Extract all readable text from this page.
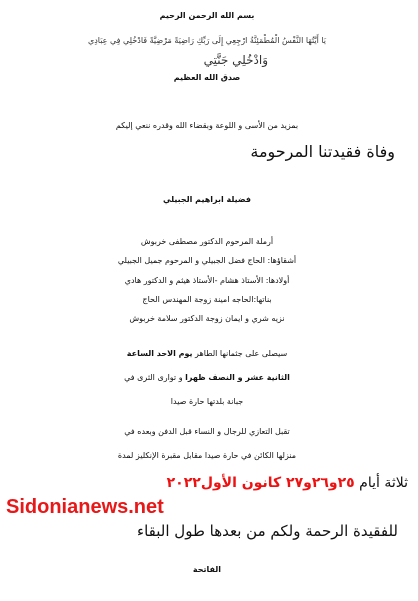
بسم الله الرحمن الرحيم
يَا أَيَّتُهَا النَّفْسُ الْمُطْمَئِنَّةُ ارْجِعِي إِلَى رَبِّكِ رَاضِيَةً مَرْضِيَّةً فَادْخُلِي فِي عِبَادِي
وَادْخُلِي جَنَّتِي
صدق الله العظيم
بمزيد من الأسى و اللوعة وبقضاء الله وقدره ننعي إليكم
وفاة فقيدتنا المرحومة
فضيلة ابراهيم الجبيلي
أرملة المرحوم الدكتور مصطفى خربوش
أشقاؤها: الحاج فضل الجبيلي و المرحوم جميل الجبيلي
أولادها: الأستاذ هشام -الأستاذ هيثم و الدكتور هادي
بناتها:الحاجه امينة زوجة المهندس الحاج
نزيه شري و ايمان زوجة الدكتور سلامة خربوش
سيصلى على جثمانها الطاهر يوم الاحد الساعة
الثانية عشر و النصف ظهرا و توارى الثرى في
جبانة بلدتها حارة صيدا
تقبل التعازي للرجال و النساء قبل الدفن وبعده في
منزلها الكائن في حارة صيدا مقابل مقبرة الإنكليز لمدة
ثلاثة أيام ٢٥و٢٦و٢٧ كانون الأول٢٠٢٢
Sidonianews.net
للفقيدة الرحمة ولكم من بعدها طول البقاء
الفاتحة
